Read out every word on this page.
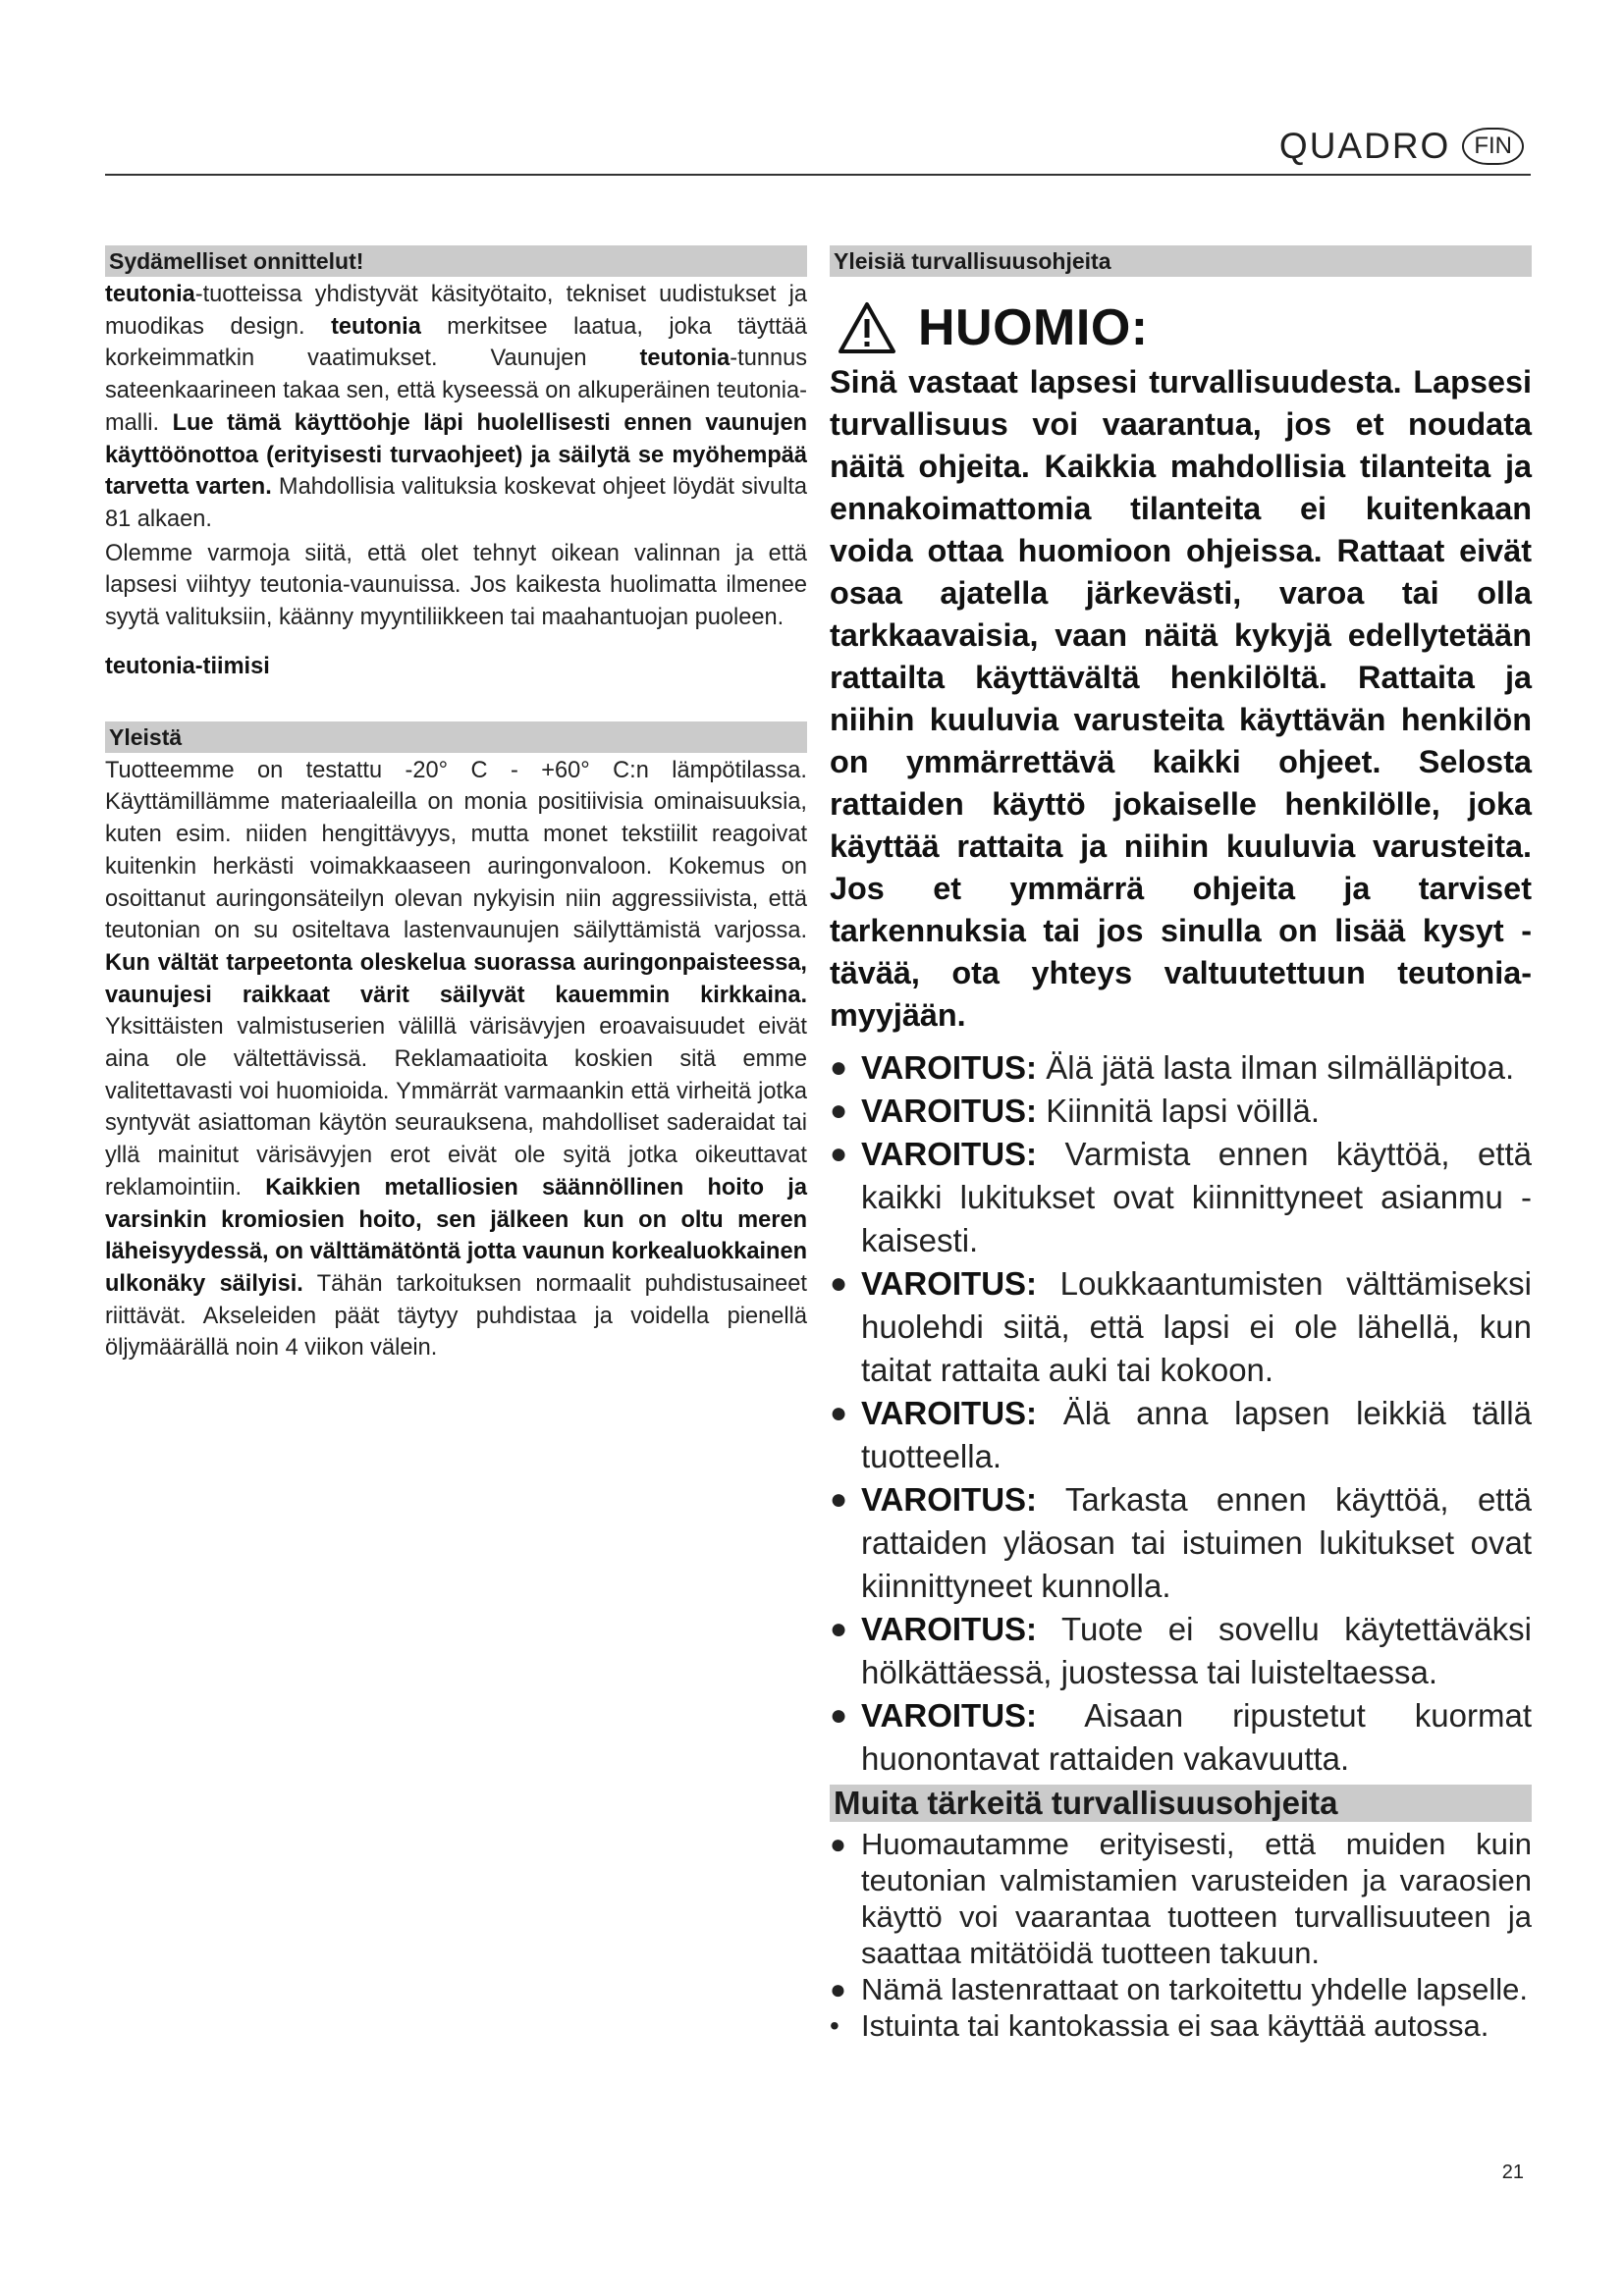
QUADRO	FIN
Sydämelliset onnittelut!

teutonia-tuotteissa yhdistyvät käsityötaito, tekniset uudistukset ja muodikas design. teutonia merkitsee laatua, joka täyttää korkeimmatkin vaatimukset. Vaunujen teutonia-tunnus sateenkaarineen takaa sen, että kyseessä on alkuperäinen teutonia-malli. Lue tämä käyttöohje läpi huolellisesti ennen vaunujen käyttöönottoa (erityisesti turvaohjeet) ja säilytä se myöhempää tarvetta varten. Mahdollisia valituksia koskevat ohjeet löydät sivulta 81 alkaen.

Olemme varmoja siitä, että olet tehnyt oikean valinnan ja että lapsesi viihtyy teutonia-vaunuissa. Jos kaikesta huolimatta ilmenee syytä valituksiin, käänny myyntiliikkeen tai maahantuojan puoleen.

teutonia-tiimisi

Yleistä

Tuotteemme on testattu -20° C - +60° C:n lämpötilassa. Käyttämillämme materiaaleilla on monia positiivisia ominaisuuksia, kuten esim. niiden hengittävyys, mutta monet tekstiilit reagoivat kuitenkin herkästi voimakkaaseen auringonvaloon. Kokemus on osoittanut auringonsäteilyn olevan nykyisin niin aggressiivista, että teutonian on su ositeltava lastenvaunujen säilyttämistä varjossa. Kun vältät tarpeetonta oleskelua suorassa auringonpaisteessa, vaunujesi raikkaat värit säilyvät kauemmin kirkkaina. Yksittäisten valmistuserien välillä värisävyjen eroavaisuudet eivät aina ole vältettävissä. Reklamaatioita koskien sitä emme valitettavasti voi huomioida. Ymmärrät varmaankin että virheitä jotka syntyvät asiattoman käytön seurauksena, mahdolliset saderaidat tai yllä mainitut värisävyjen erot eivät ole syitä jotka oikeuttavat reklamointiin. Kaikkien metalliosien säännöllinen hoito ja varsinkin kromiosien hoito, sen jälkeen kun on oltu meren läheisyydessä, on välttämätöntä jotta vaunun korkealuokkainen ulkonäky säilyisi. Tähän tarkoituksen normaalit puhdistusaineet riittävät. Akseleiden päät täytyy puhdistaa ja voidella pienellä öljymäärällä noin 4 viikon välein.

Yleisiä turvallisuusohjeita
HUOMIO:

Sinä vastaat lapsesi turvallisuudesta. Lapsesi turvallisuus voi vaarantua, jos et noudata näitä ohjeita. Kaikkia mahdollisia tilanteita ja ennakoimattomia tilanteita ei kuitenkaan voida ottaa huomioon ohjeissa. Rattaat eivät osaa ajatella järkevästi, varoa tai olla tarkkaavaisia, vaan näitä kykyjä edellytetään rattailta käyttävältä henkilöltä. Rattaita ja niihin kuuluvia varusteita käyttävän henkilön on ymmärrettävä kaikki ohjeet. Selosta rattaiden käyttö jokaiselle henkilölle, joka käyttää rattaita ja niihin kuuluvia varusteita. Jos et ymmärrä ohjeita ja tarviset tarkennuksia tai jos sinulla on lisää kysyt - tävää, ota yhteys valtuutettuun teutonia-myyjään.

● VAROITUS: Älä jätä lasta ilman silmälläpitoa.
● VAROITUS: Kiinnitä lapsi vöillä.
● VAROITUS: Varmista ennen käyttöä, että kaikki lukitukset ovat kiinnittyneet asianmu - kaisesti.
● VAROITUS: Loukkaantumisten välttämiseksi huolehdi siitä, että lapsi ei ole lähellä, kun taitat rattaita auki tai kokoon.
● VAROITUS: Älä anna lapsen leikkiä tällä tuotteella.
● VAROITUS: Tarkasta ennen käyttöä, että rattaiden yläosan tai istuimen lukitukset ovat kiinnittyneet kunnolla.
● VAROITUS: Tuote ei sovellu käytettäväksi hölkättäessä, juostessa tai luisteltaessa.
● VAROITUS: Aisaan ripustetut kuormat huonontavat rattaiden vakavuutta.
Muita tärkeitä turvallisuusohjeita
● Huomautamme erityisesti, että muiden kuin teutonian valmistamien varusteiden ja varaosien käyttö voi vaarantaa tuotteen turvallisuuteen ja saattaa mitätöidä tuotteen takuun.
● Nämä lastenrattaat on tarkoitettu yhdelle lapselle.
• Istuinta tai kantokassia ei saa käyttää autossa.
21
